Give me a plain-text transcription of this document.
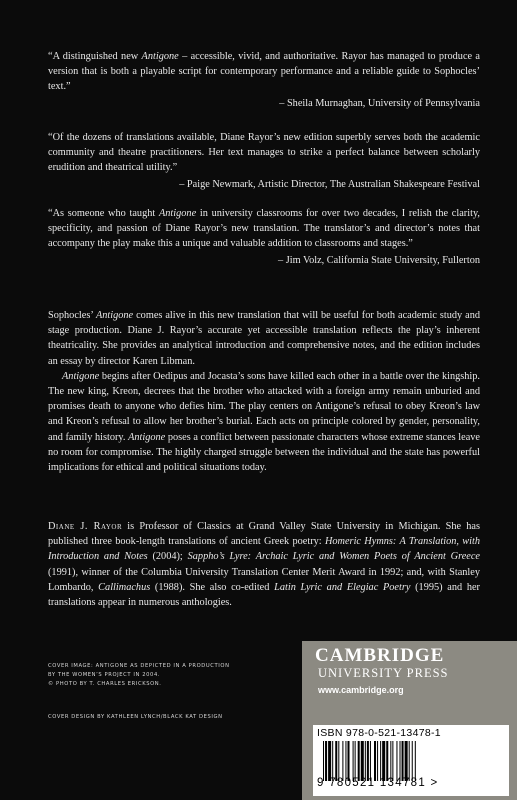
“A distinguished new Antigone – accessible, vivid, and authoritative. Rayor has managed to produce a version that is both a playable script for contemporary performance and a reliable guide to Sophocles’ text.”

– Sheila Murnaghan, University of Pennsylvania

“Of the dozens of translations available, Diane Rayor’s new edition superbly serves both the academic community and theatre practitioners. Her text manages to strike a perfect balance between scholarly erudition and theatrical utility.”

– Paige Newmark, Artistic Director, The Australian Shakespeare Festival

“As someone who taught Antigone in university classrooms for over two decades, I relish the clarity, specificity, and passion of Diane Rayor’s new translation. The translator’s and director’s notes that accompany the play make this a unique and valuable addition to classrooms and stages.”

– Jim Volz, California State University, Fullerton

Sophocles’ Antigone comes alive in this new translation that will be useful for both academic study and stage production. Diane J. Rayor’s accurate yet accessible translation reflects the play’s inherent theatricality. She provides an analytical introduction and comprehensive notes, and the edition includes an essay by director Karen Libman.

Antigone begins after Oedipus and Jocasta’s sons have killed each other in a battle over the kingship. The new king, Kreon, decrees that the brother who attacked with a foreign army remain unburied and promises death to anyone who defies him. The play centers on Antigone’s refusal to obey Kreon’s law and Kreon’s refusal to allow her brother’s burial. Each acts on principle colored by gender, personality, and family history. Antigone poses a conflict between passionate characters whose extreme stances leave no room for compromise. The highly charged struggle between the individual and the state has powerful implications for ethical and political situations today.

Diane J. Rayor is Professor of Classics at Grand Valley State University in Michigan. She has published three book-length translations of ancient Greek poetry: Homeric Hymns: A Translation, with Introduction and Notes (2004); Sappho’s Lyre: Archaic Lyric and Women Poets of Ancient Greece (1991), winner of the Columbia University Translation Center Merit Award in 1992; and, with Stanley Lombardo, Callimachus (1988). She also co-edited Latin Lyric and Elegiac Poetry (1995) and her translations appear in numerous anthologies.
COVER IMAGE: ANTIGONE AS DEPICTED IN A PRODUCTION
BY THE WOMEN’S PROJECT IN 2004.
© PHOTO BY T. CHARLES ERICKSON.
COVER DESIGN BY KATHLEEN LYNCH/BLACK KAT DESIGN
CAMBRIDGE
UNIVERSITY PRESS
www.cambridge.org
ISBN 978-0-521-13478-1
9 780521 134781 >
